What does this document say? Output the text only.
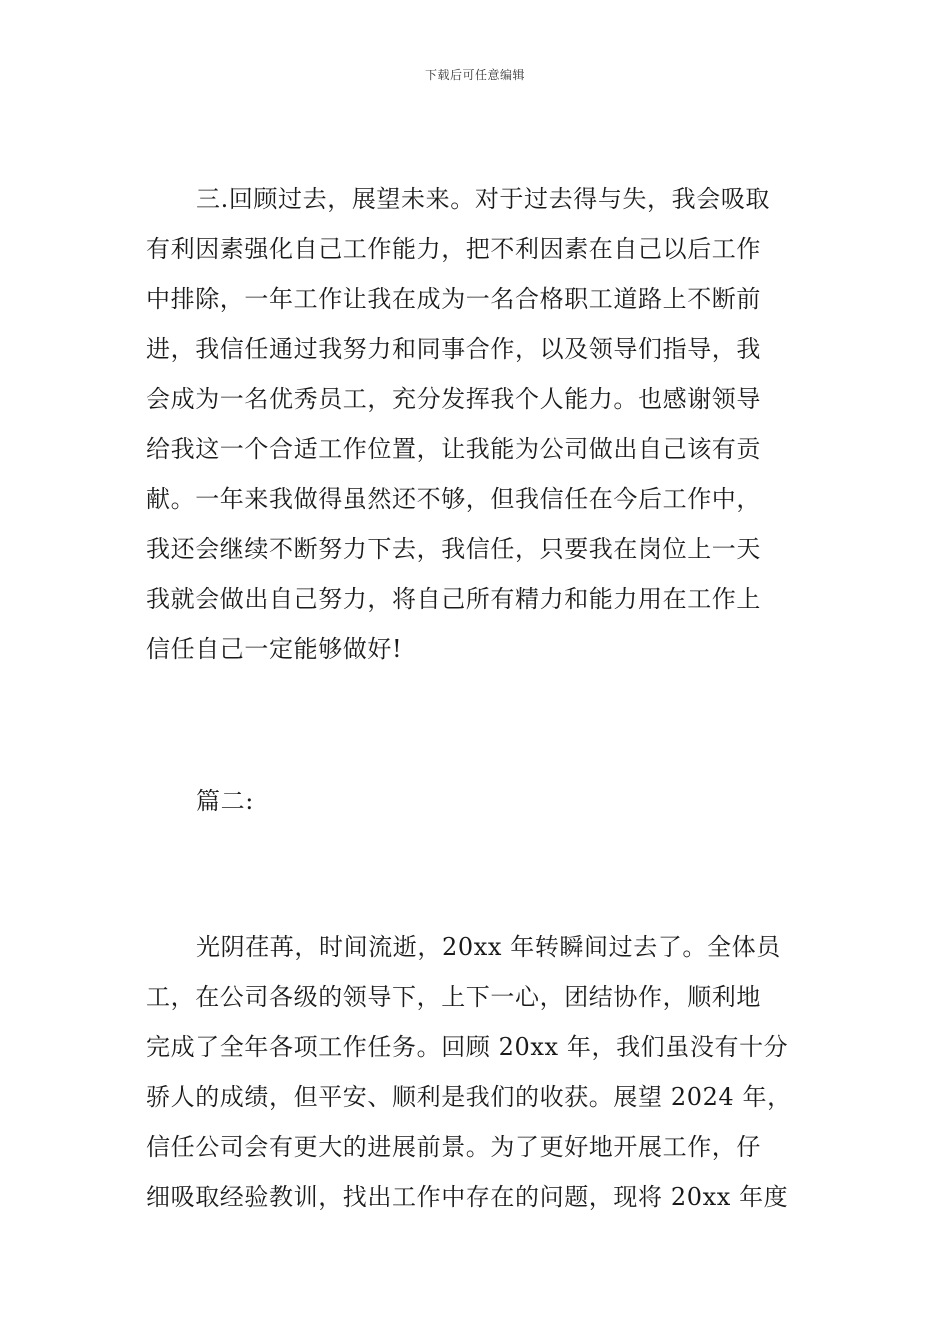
下载后可任意编辑
三.回顾过去，展望未来。对于过去得与失，我会吸取
有利因素强化自己工作能力，把不利因素在自己以后工作
中排除，一年工作让我在成为一名合格职工道路上不断前
进，我信任通过我努力和同事合作，以及领导们指导，我
会成为一名优秀员工，充分发挥我个人能力。也感谢领导
给我这一个合适工作位置，让我能为公司做出自己该有贡
献。一年来我做得虽然还不够，但我信任在今后工作中，
我还会继续不断努力下去，我信任，只要我在岗位上一天
我就会做出自己努力，将自己所有精力和能力用在工作上
信任自己一定能够做好!
篇二:
光阴荏苒，时间流逝，20xx 年转瞬间过去了。全体员
工，在公司各级的领导下，上下一心，团结协作，顺利地
完成了全年各项工作任务。回顾 20xx 年，我们虽没有十分
骄人的成绩，但平安、顺利是我们的收获。展望 2024 年，
信任公司会有更大的进展前景。为了更好地开展工作，仔
细吸取经验教训，找出工作中存在的问题，现将 20xx 年度
